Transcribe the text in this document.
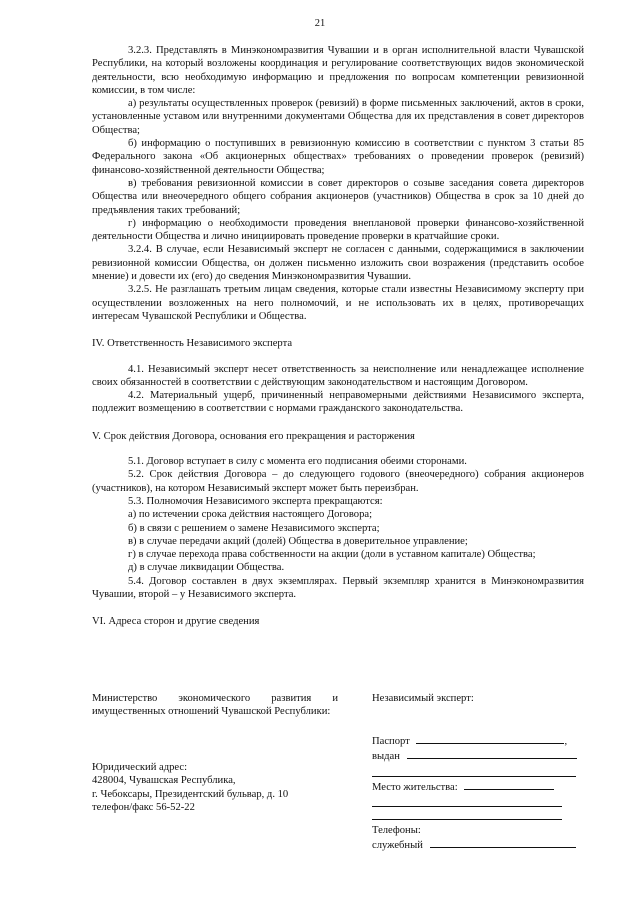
21

3.2.3. Представлять в Минэкономразвития Чувашии и в орган исполнительной власти Чувашской Республики, на который возложены координация и регулирование соответствующих видов экономической деятельности, всю необходимую информацию и предложения по вопросам компетенции ревизионной комиссии, в том числе:

а) результаты осуществленных проверок (ревизий) в форме письменных заключений, актов в сроки, установленные уставом или внутренними документами Общества для их представления в совет директоров Общества;

б) информацию о поступивших в ревизионную комиссию в соответствии с пунктом 3 статьи 85 Федерального закона «Об акционерных обществах» требованиях о проведении проверок (ревизий) финансово-хозяйственной деятельности Общества;

в) требования ревизионной комиссии в совет директоров о созыве заседания совета директоров Общества или внеочередного общего собрания акционеров (участников) Общества в срок за 10 дней до предъявления таких требований;

г) информацию о необходимости проведения внеплановой проверки финансово-хозяйственной деятельности Общества и лично инициировать проведение проверки в кратчайшие сроки.

3.2.4. В случае, если Независимый эксперт не согласен с данными, содержащимися в заключении ревизионной комиссии Общества, он должен письменно изложить свои возражения (представить особое мнение) и довести их (его) до сведения Минэкономразвития Чувашии.

3.2.5. Не разглашать третьим лицам сведения, которые стали известны Независимому эксперту при осуществлении возложенных на него полномочий, и не использовать их в целях, противоречащих интересам Чувашской Республики и Общества.

IV. Ответственность Независимого эксперта

4.1. Независимый эксперт несет ответственность за неисполнение или ненадлежащее исполнение своих обязанностей в соответствии с действующим законодательством и настоящим Договором.

4.2. Материальный ущерб, причиненный неправомерными действиями Независимого эксперта, подлежит возмещению в соответствии с нормами гражданского законодательства.

V. Срок действия Договора, основания его прекращения и расторжения

5.1. Договор вступает в силу с момента его подписания обеими сторонами.

5.2. Срок действия Договора – до следующего годового (внеочередного) собрания акционеров (участников), на котором Независимый эксперт может быть переизбран.

5.3. Полномочия Независимого эксперта прекращаются:

а) по истечении срока действия настоящего Договора;

б) в связи с решением о замене Независимого эксперта;

в) в случае передачи акций (долей) Общества в доверительное управление;

г) в случае перехода права собственности на акции (доли в уставном капитале) Общества;

д) в случае ликвидации Общества.

5.4. Договор составлен в двух экземплярах. Первый экземпляр хранится в Минэкономразвития Чувашии, второй – у Независимого эксперта.

VI. Адреса сторон и другие сведения

Министерство экономического развития и имущественных отношений Чувашской Республики:
Юридический адрес:
428004, Чувашская Республика,
г. Чебоксары, Президентский бульвар, д. 10
телефон/факс 56-52-22
Независимый эксперт:
Паспорт	,
выдан
Место жительства:
Телефоны:
служебный
